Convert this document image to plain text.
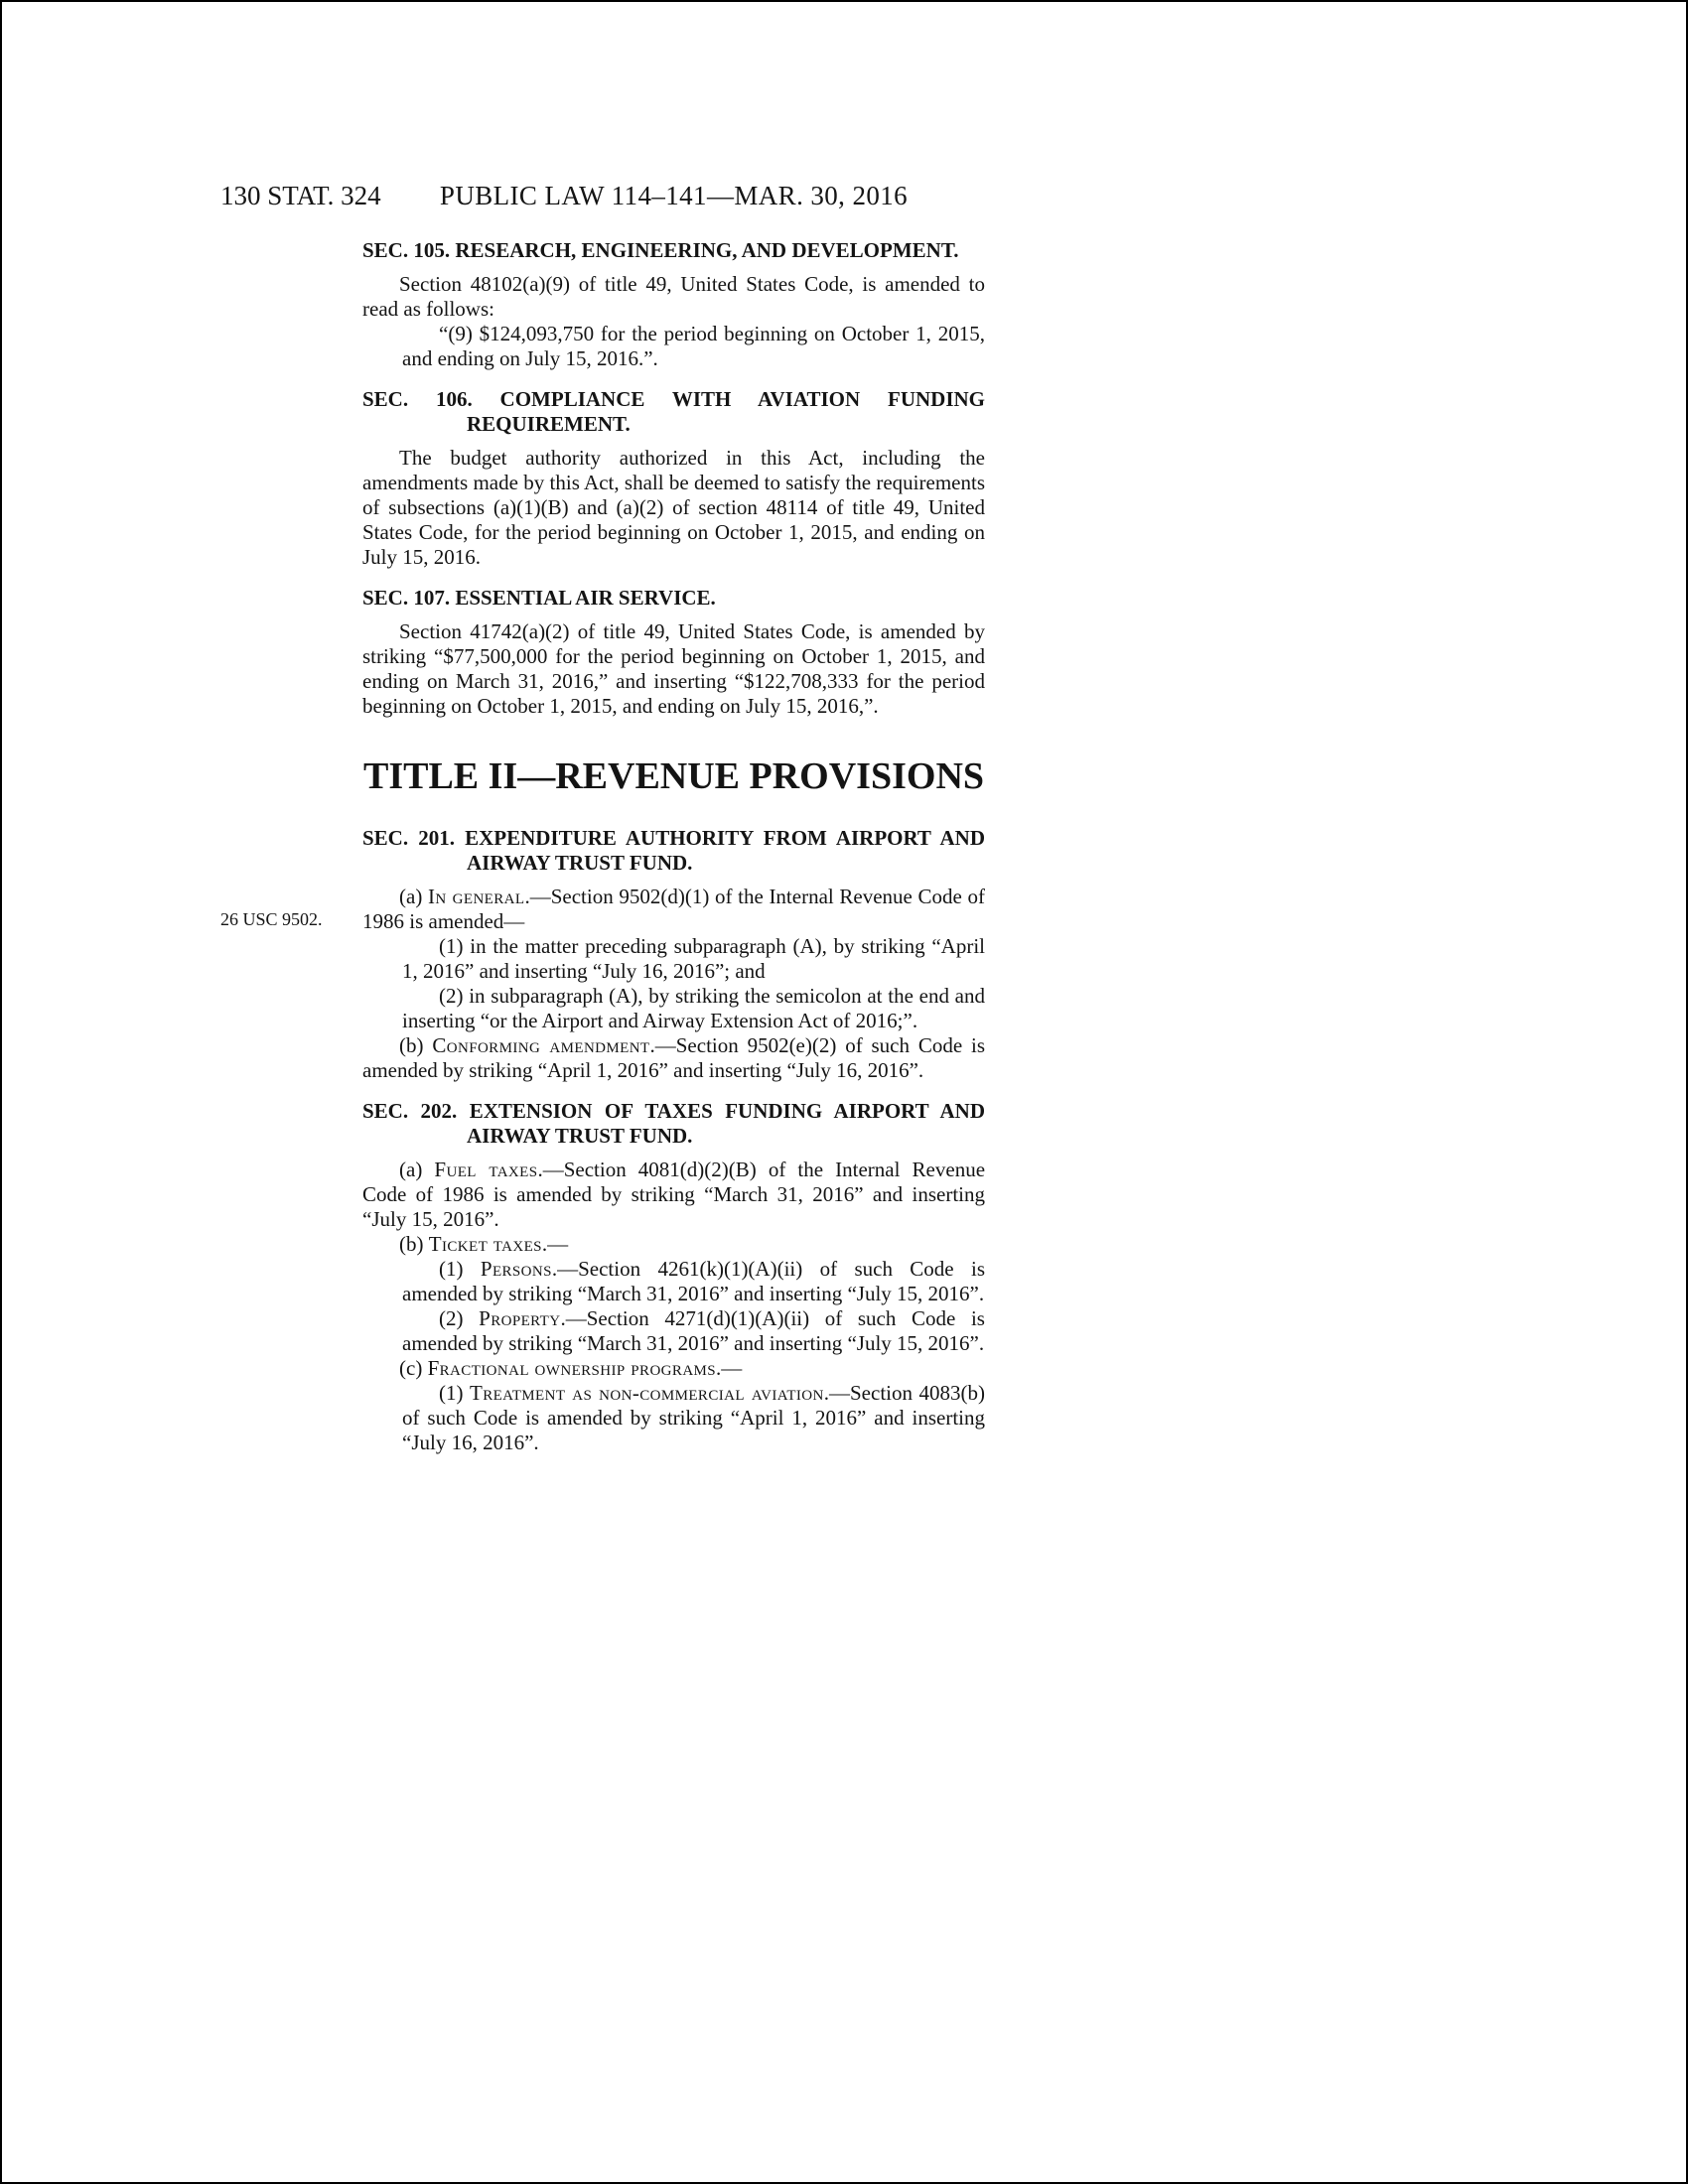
130 STAT. 324	PUBLIC LAW 114–141—MAR. 30, 2016
SEC. 105. RESEARCH, ENGINEERING, AND DEVELOPMENT.
Section 48102(a)(9) of title 49, United States Code, is amended to read as follows:
“(9) $124,093,750 for the period beginning on October 1, 2015, and ending on July 15, 2016.”.
SEC. 106. COMPLIANCE WITH AVIATION FUNDING REQUIREMENT.
The budget authority authorized in this Act, including the amendments made by this Act, shall be deemed to satisfy the requirements of subsections (a)(1)(B) and (a)(2) of section 48114 of title 49, United States Code, for the period beginning on October 1, 2015, and ending on July 15, 2016.
SEC. 107. ESSENTIAL AIR SERVICE.
Section 41742(a)(2) of title 49, United States Code, is amended by striking “$77,500,000 for the period beginning on October 1, 2015, and ending on March 31, 2016,” and inserting “$122,708,333 for the period beginning on October 1, 2015, and ending on July 15, 2016,”.
TITLE II—REVENUE PROVISIONS
SEC. 201. EXPENDITURE AUTHORITY FROM AIRPORT AND AIRWAY TRUST FUND.
(a) In general.—Section 9502(d)(1) of the Internal Revenue Code of 1986 is amended—
26 USC 9502.
(1) in the matter preceding subparagraph (A), by striking “April 1, 2016” and inserting “July 16, 2016”; and
(2) in subparagraph (A), by striking the semicolon at the end and inserting “or the Airport and Airway Extension Act of 2016;”.
(b) Conforming amendment.—Section 9502(e)(2) of such Code is amended by striking “April 1, 2016” and inserting “July 16, 2016”.
SEC. 202. EXTENSION OF TAXES FUNDING AIRPORT AND AIRWAY TRUST FUND.
(a) Fuel taxes.—Section 4081(d)(2)(B) of the Internal Revenue Code of 1986 is amended by striking “March 31, 2016” and inserting “July 15, 2016”.
(b) Ticket taxes.—
(1) Persons.—Section 4261(k)(1)(A)(ii) of such Code is amended by striking “March 31, 2016” and inserting “July 15, 2016”.
(2) Property.—Section 4271(d)(1)(A)(ii) of such Code is amended by striking “March 31, 2016” and inserting “July 15, 2016”.
(c) Fractional ownership programs.—
(1) Treatment as non-commercial aviation.—Section 4083(b) of such Code is amended by striking “April 1, 2016” and inserting “July 16, 2016”.
